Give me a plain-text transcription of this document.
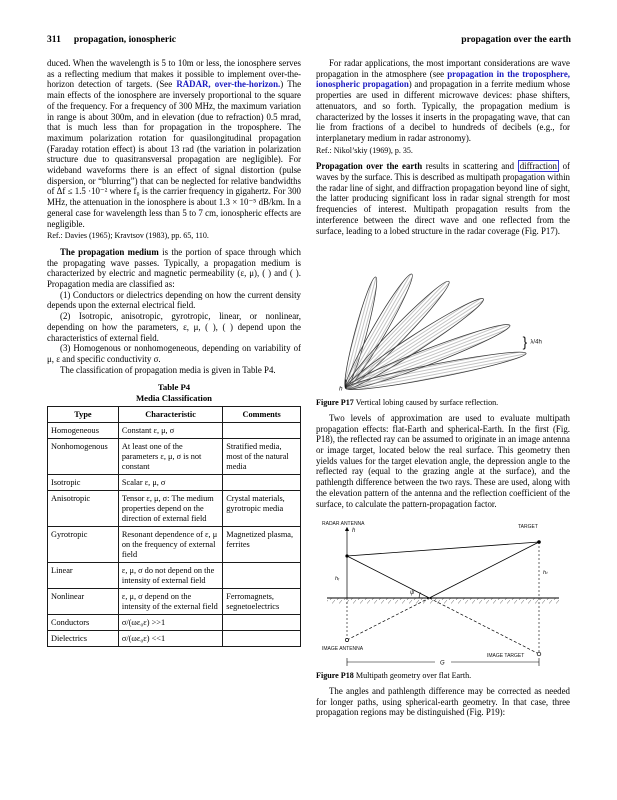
311 propagation, ionospheric	propagation over the earth

duced. When the wavelength is 5 to 10m or less, the ionosphere serves as a reflecting medium that makes it possible to implement over-the-horizon detection of targets. (See RADAR, over-the-horizon.) The main effects of the ionosphere are inversely proportional to the square of the frequency. For a frequency of 300 MHz, the maximum variation in range is about 300m, and in elevation (due to refraction) 0.5 mrad, that is much less than for propagation in the troposphere. The maximum polarization rotation for quasilongitudinal propagation (Faraday rotation effect) is about 13 rad (the variation in polarization structure due to quasitransversal propagation are negligible). For wideband waveforms there is an effect of signal distortion (pulse dispersion, or “blurring”) that can be neglected for relative bandwidths of Δf ≤ 1.5 ·10⁻² where f₀ is the carrier frequency in gigahertz. For 300 MHz, the attenuation in the ionosphere is about 1.3 × 10⁻⁵ dB/km. In a general case for wavelength less than 5 to 7 cm, ionospheric effects are negligible.

Ref.: Davies (1965); Kravtsov (1983), pp. 65, 110.

The propagation medium is the portion of space through which the propagating wave passes. Typically, a propagation medium is characterized by electric and magnetic permeability (ε, μ), ( ) and ( ). Propagation media are classified as:

(1) Conductors or dielectrics depending on how the current density depends upon the external electrical field.

(2) Isotropic, anisotropic, gyrotropic, linear, or nonlinear, depending on how the parameters, ε, μ, ( ), ( ) depend upon the characteristics of external field.

(3) Homogenous or nonhomogeneous, depending on variability of μ, ε and specific conductivity σ.

The classification of propagation media is given in Table P4.

Table P4
Media Classification
Type	Characteristic	Comments
Homogeneous	Constant ε, μ, σ	
Nonhomogenous	At least one of the parameters ε, μ, σ is not constant	Stratified media, most of the natural media
Isotropic	Scalar ε, μ, σ	
Anisotropic	Tensor ε, μ, σ: The medium properties depend on the direction of external field	Crystal materials, gyrotropic media
Gyrotropic	Resonant dependence of ε, μ on the frequency of external field	Magnetized plasma, ferrites
Linear	ε, μ, σ do not depend on the intensity of external field	
Nonlinear	ε, μ, σ depend on the intensity of the external field	Ferromagnets, segnetoelectrics
Conductors	σ/(ωε₀ε) >>1	
Dielectrics	σ/(ωε₀ε) <<1	

For radar applications, the most important considerations are wave propagation in the atmosphere (see propagation in the troposphere, ionospheric propagation) and propagation in a ferrite medium whose properties are used in different microwave devices: phase shifters, attenuators, and so forth. Typically, the propagation medium is characterized by the losses it inserts in the propagating wave, that can lie from fractions of a decibel to hundreds of decibels (e.g., for interplanetary medium in radar astronomy).

Ref.: Nikol’skiy (1969), p. 35.

Propagation over the earth results in scattering and diffraction of waves by the surface. This is described as multipath propagation within the radar line of sight, and diffraction propagation beyond line of sight, the latter producing significant loss in radar signal strength for most frequencies of interest. Multipath propagation results from the interference between the direct wave and one reflected from the surface, leading to a lobed structure in the radar coverage (Fig. P17).

h
} λ/4h

Figure P17 Vertical lobing caused by surface reflection.

Two levels of approximation are used to evaluate multipath propagation effects: flat-Earth and spherical-Earth. In the first (Fig. P18), the reflected ray can be assumed to originate in an image antenna or image target, located below the real surface. This geometry then yields values for the target elevation angle, the depression angle to the reflected ray (equal to the grazing angle at the surface), and the pathlength difference between the two rays. These are used, along with the elevation pattern of the antenna and the reflection coefficient of the surface, to calculate the pattern-propagation factor.

h
ψ
hᵣ
hₜ
RADAR ANTENNA	TARGET
IMAGE ANTENNA
IMAGE TARGET
G

Figure P18 Multipath geometry over flat Earth.

The angles and pathlength difference may be corrected as needed for longer paths, using spherical-earth geometry. In that case, three propagation regions may be distinguished (Fig. P19):
